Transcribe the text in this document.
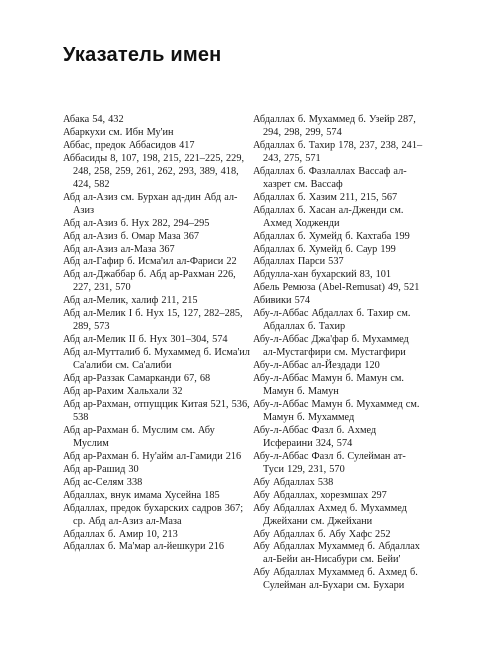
Указатель имен
Абака 54, 432
Абаркухи см. Ибн Му'ин
Аббас, предок Аббасидов 417
Аббасиды 8, 107, 198, 215, 221–225, 229, 248, 258, 259, 261, 262, 293, 389, 418, 424, 582
Абд ал-Азиз см. Бурхан ад-дин Абд ал-Азиз
Абд ал-Азиз б. Нух 282, 294–295
Абд ал-Азиз б. Омар Маза 367
Абд ал-Азиз ал-Маза 367
Абд ал-Гафир б. Исма'ил ал-Фариси 22
Абд ал-Джаббар б. Абд ар-Рахман 226, 227, 231, 570
Абд ал-Мелик, халиф 211, 215
Абд ал-Мелик I б. Нух 15, 127, 282–285, 289, 573
Абд ал-Мелик II б. Нух 301–304, 574
Абд ал-Мутталиб б. Мухаммед б. Исма'ил Са'алиби см. Са'алиби
Абд ар-Раззак Самарканди 67, 68
Абд ар-Рахим Хальхали 32
Абд ар-Рахман, отпущцик Китая 521, 536, 538
Абд ар-Рахман б. Муслим см. Абу Муслим
Абд ар-Рахман б. Ну'айм ал-Гамиди 216
Абд ар-Рашид 30
Абд ас-Селям 338
Абдаллах, внук имама Хусейна 185
Абдаллах, предок бухарских садров 367; ср. Абд ал-Азиз ал-Маза
Абдаллах б. Амир 10, 213
Абдаллах б. Ма'мар ал-йешкури 216
Абдаллах б. Мухаммед б. Узейр 287, 294, 298, 299, 574
Абдаллах б. Тахир 178, 237, 238, 241–243, 275, 571
Абдаллах б. Фазлаллах Вассаф ал-хазрет см. Вассаф
Абдаллах б. Хазим 211, 215, 567
Абдаллах б. Хасан ал-Дженди см. Ахмед Ходженди
Абдаллах б. Хумейд б. Кахтаба 199
Абдаллах б. Хумейд б. Саур 199
Абдаллах Парси 537
Абдулла-хан бухарский 83, 101
Абель Ремюза (Abel-Remusat) 49, 521
Абивики 574
Абу-л-Аббас Абдаллах б. Тахир см. Абдаллах б. Тахир
Абу-л-Аббас Джа'фар б. Мухаммед ал-Мустагфири см. Мустагфири
Абу-л-Аббас ал-Йездади 120
Абу-л-Аббас Мамун б. Мамун см. Мамун б. Мамун
Абу-л-Аббас Мамун б. Мухаммед см. Мамун б. Мухаммед
Абу-л-Аббас Фазл б. Ахмед Исфераини 324, 574
Абу-л-Аббас Фазл б. Сулейман ат-Туси 129, 231, 570
Абу Абдаллах 538
Абу Абдаллах, хорезмшах 297
Абу Абдаллах Ахмед б. Мухаммед Джейхани см. Джейхани
Абу Абдаллах б. Абу Хафс 252
Абу Абдаллах Мухаммед б. Абдаллах ал-Бейи ан-Нисабури см. Бейи'
Абу Абдаллах Мухаммед б. Ахмед б. Сулейман ал-Бухари см. Бухари
